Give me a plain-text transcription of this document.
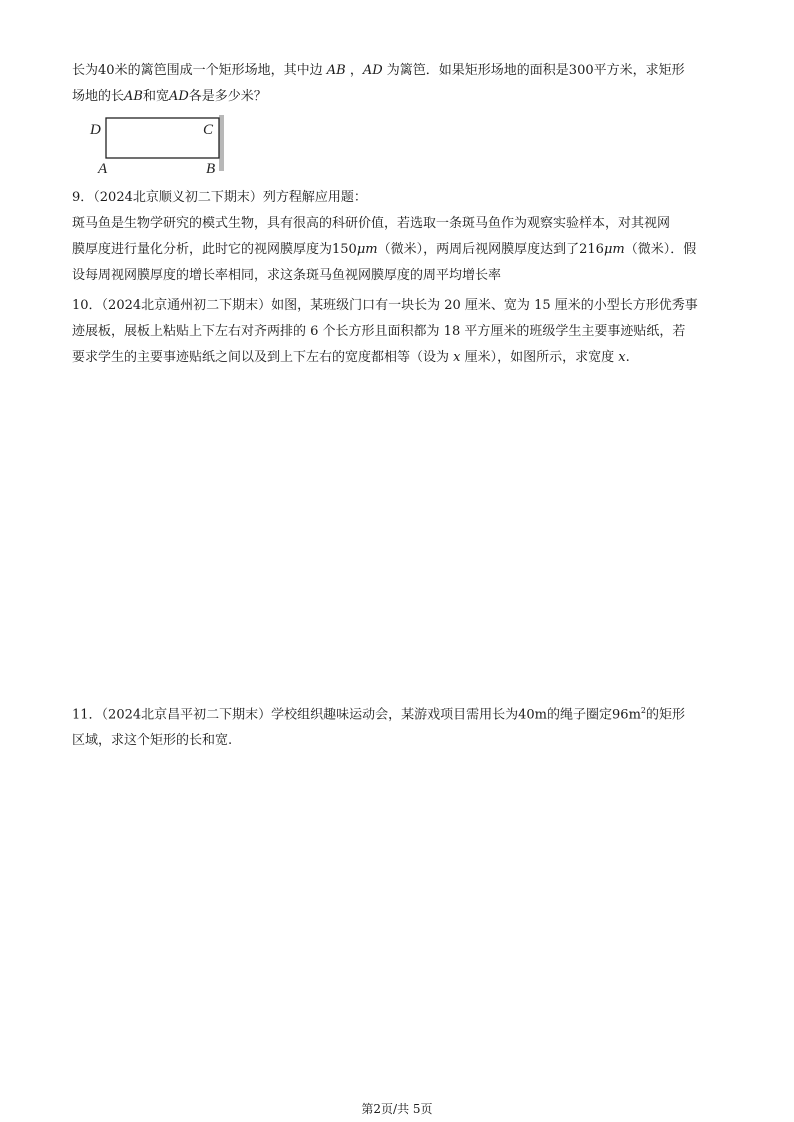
长为40米的篱笆围成一个矩形场地，其中边 AB ，AD 为篱笆．如果矩形场地的面积是300平方米，求矩形
场地的长AB和宽AD各是多少米？
D	C
A	B
9．（2024北京顺义初二下期末）列方程解应用题：
斑马鱼是生物学研究的模式生物，具有很高的科研价值，若选取一条斑马鱼作为观察实验样本，对其视网
膜厚度进行量化分析，此时它的视网膜厚度为150μm（微米），两周后视网膜厚度达到了216μm（微米）．假
设每周视网膜厚度的增长率相同，求这条斑马鱼视网膜厚度的周平均增长率
10．（2024北京通州初二下期末）如图，某班级门口有一块长为 20 厘米、宽为 15 厘米的小型长方形优秀事
迹展板，展板上粘贴上下左右对齐两排的 6 个长方形且面积都为 18 平方厘米的班级学生主要事迹贴纸，若
要求学生的主要事迹贴纸之间以及到上下左右的宽度都相等（设为 x 厘米），如图所示，求宽度 x.
11．（2024北京昌平初二下期末）学校组织趣味运动会，某游戏项目需用长为40m的绳子圈定$96m^2$的矩形
区域，求这个矩形的长和宽.
第2页/共 5页
